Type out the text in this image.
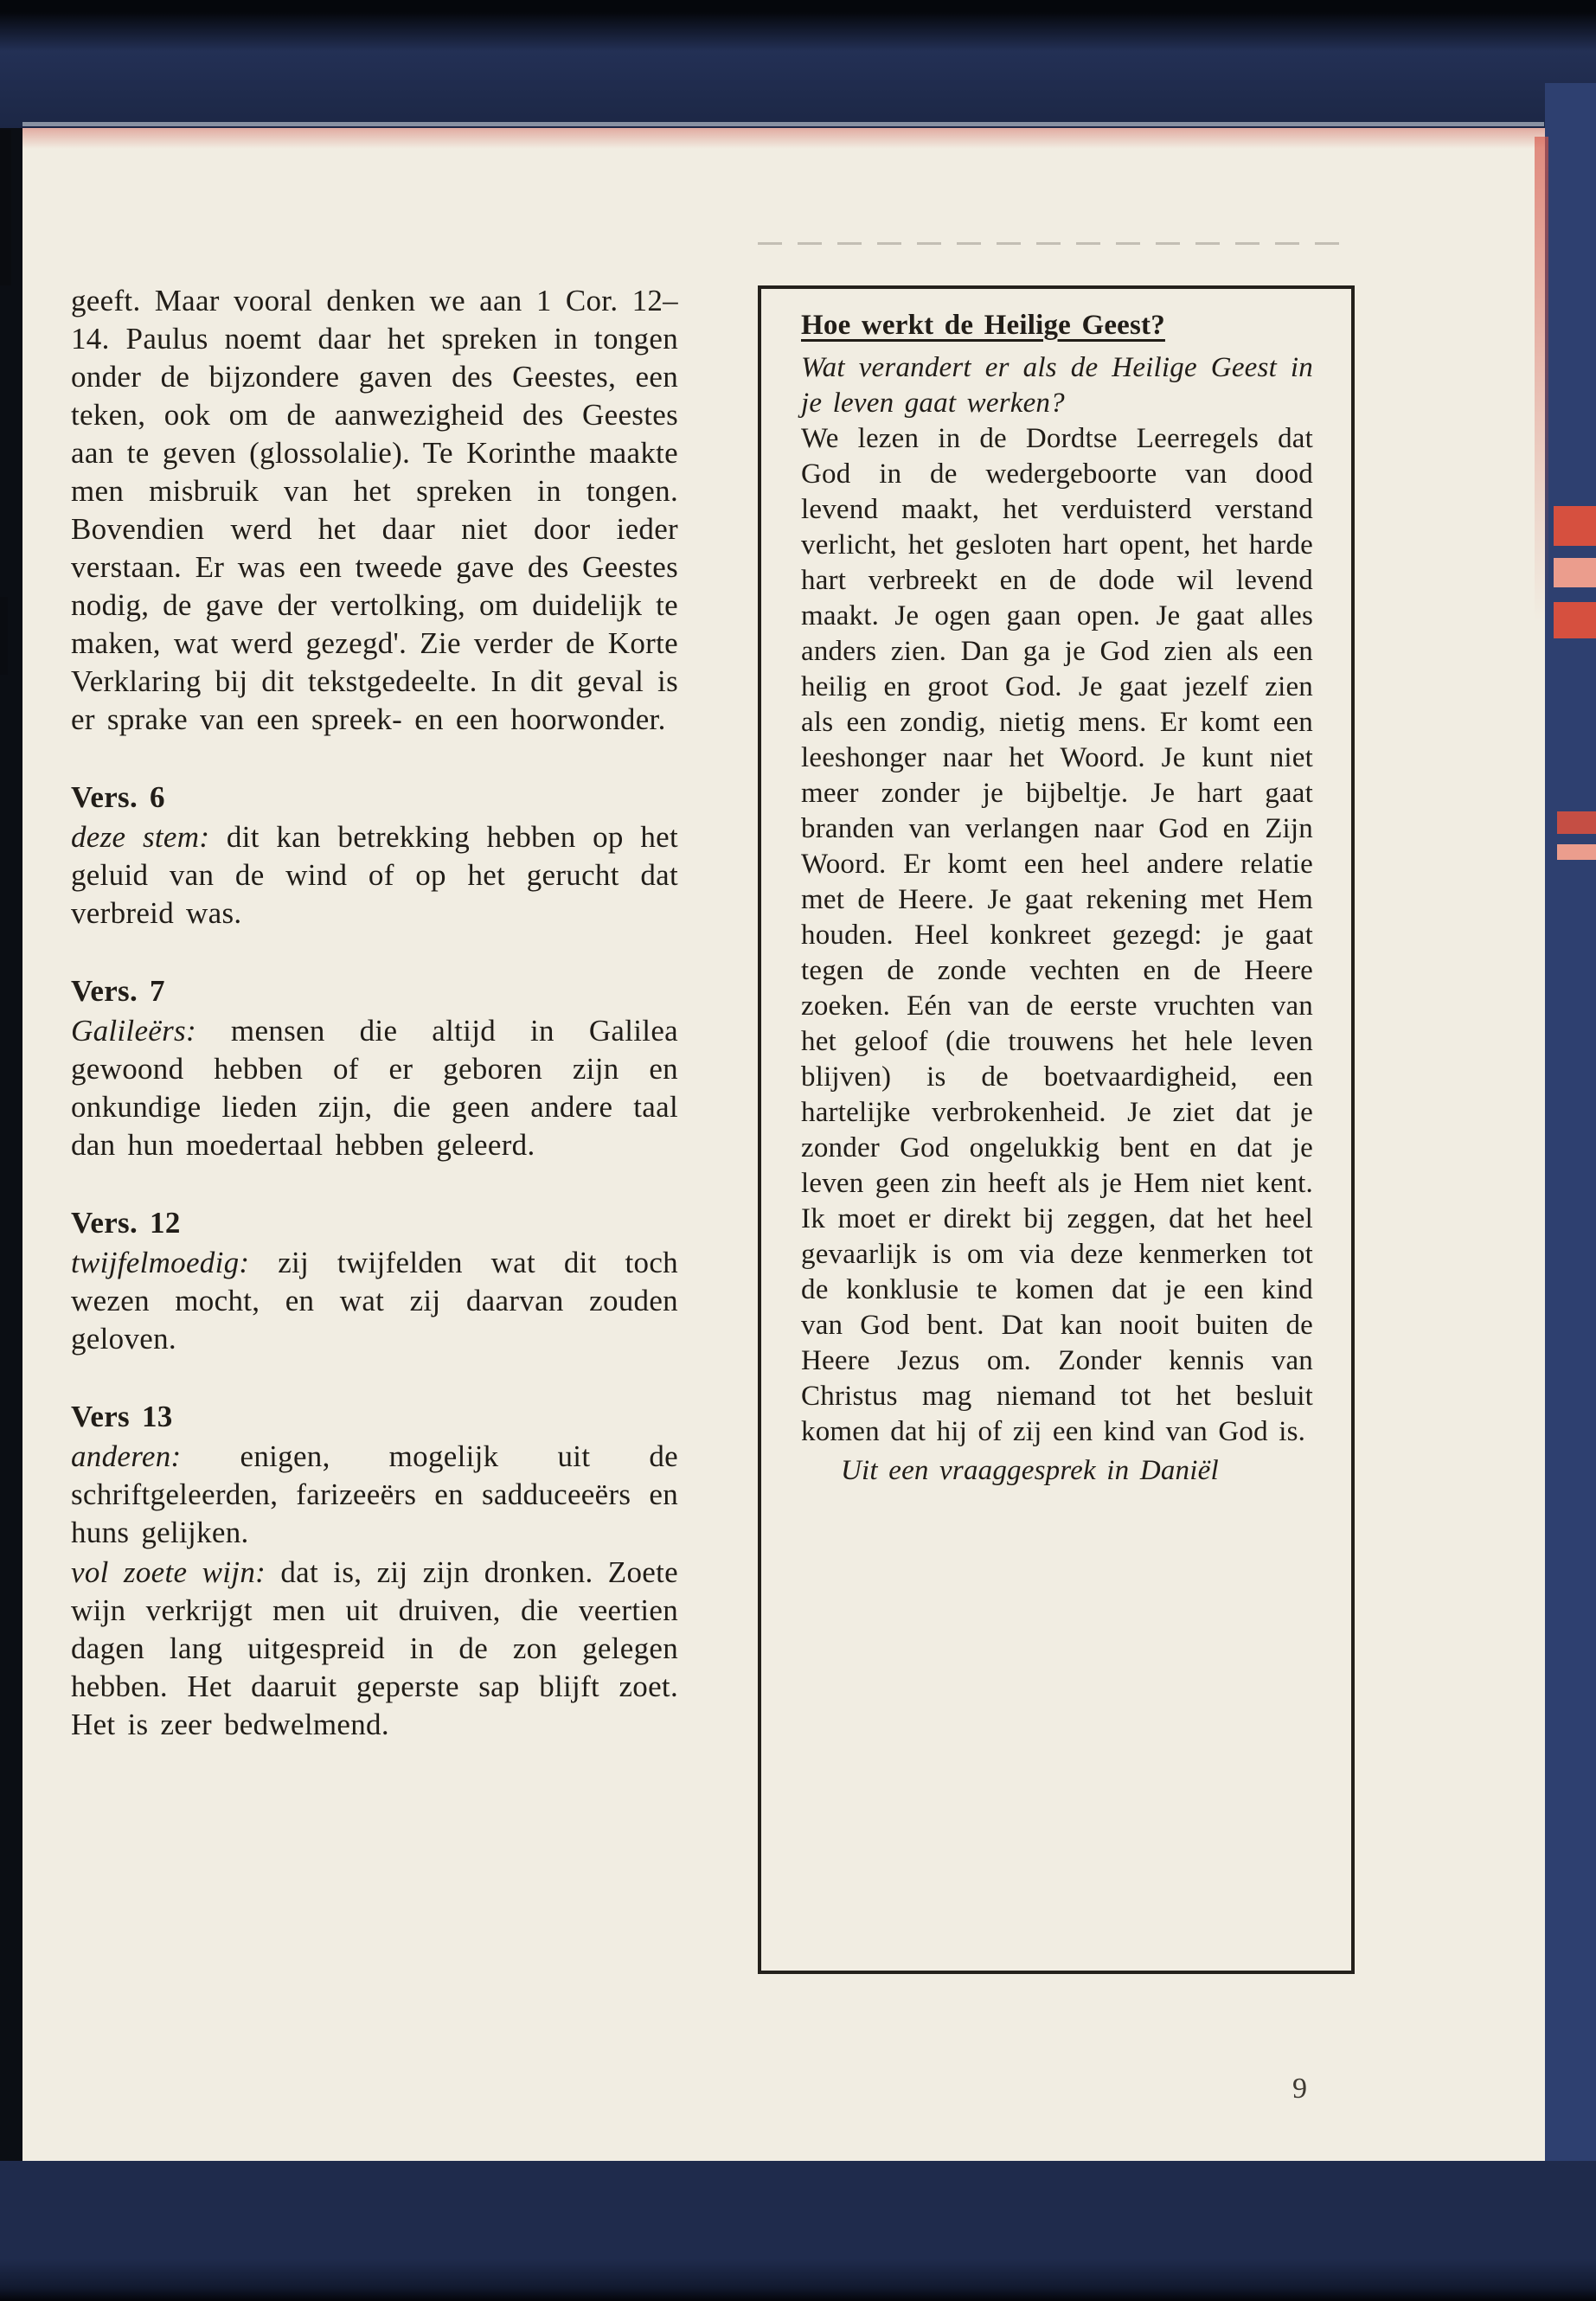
geeft. Maar vooral denken we aan 1 Cor. 12–14. Paulus noemt daar het spreken in tongen onder de bijzondere gaven des Geestes, een teken, ook om de aanwezigheid des Geestes aan te geven (glossolalie). Te Korinthe maakte men misbruik van het spreken in tongen. Bovendien werd het daar niet door ieder verstaan. Er was een tweede gave des Geestes nodig, de gave der vertolking, om duidelijk te maken, wat werd gezegd'. Zie verder de Korte Verklaring bij dit tekstgedeelte. In dit geval is er sprake van een spreek- en een hoorwonder.

Vers. 6

deze stem: dit kan betrekking hebben op het geluid van de wind of op het gerucht dat verbreid was.

Vers. 7

Galileërs: mensen die altijd in Galilea gewoond hebben of er geboren zijn en onkundige lieden zijn, die geen andere taal dan hun moedertaal hebben geleerd.

Vers. 12

twijfelmoedig: zij twijfelden wat dit toch wezen mocht, en wat zij daarvan zouden geloven.

Vers 13

anderen: enigen, mogelijk uit de schriftgeleerden, farizeeërs en sadduceeërs en huns gelijken.

vol zoete wijn: dat is, zij zijn dronken. Zoete wijn verkrijgt men uit druiven, die veertien dagen lang uitgespreid in de zon gelegen hebben. Het daaruit geperste sap blijft zoet. Het is zeer bedwelmend.

Hoe werkt de Heilige Geest?

Wat verandert er als de Heilige Geest in je leven gaat werken?

We lezen in de Dordtse Leerregels dat God in de wedergeboorte van dood levend maakt, het verduisterd verstand verlicht, het gesloten hart opent, het harde hart verbreekt en de dode wil levend maakt. Je ogen gaan open. Je gaat alles anders zien. Dan ga je God zien als een heilig en groot God. Je gaat jezelf zien als een zondig, nietig mens. Er komt een leeshonger naar het Woord. Je kunt niet meer zonder je bijbeltje. Je hart gaat branden van verlangen naar God en Zijn Woord. Er komt een heel andere relatie met de Heere. Je gaat rekening met Hem houden. Heel konkreet gezegd: je gaat tegen de zonde vechten en de Heere zoeken. Eén van de eerste vruchten van het geloof (die trouwens het hele leven blijven) is de boetvaardigheid, een hartelijke verbrokenheid. Je ziet dat je zonder God ongelukkig bent en dat je leven geen zin heeft als je Hem niet kent. Ik moet er direkt bij zeggen, dat het heel gevaarlijk is om via deze kenmerken tot de konklusie te komen dat je een kind van God bent. Dat kan nooit buiten de Heere Jezus om. Zonder kennis van Christus mag niemand tot het besluit komen dat hij of zij een kind van God is.

Uit een vraaggesprek in Daniël

9
